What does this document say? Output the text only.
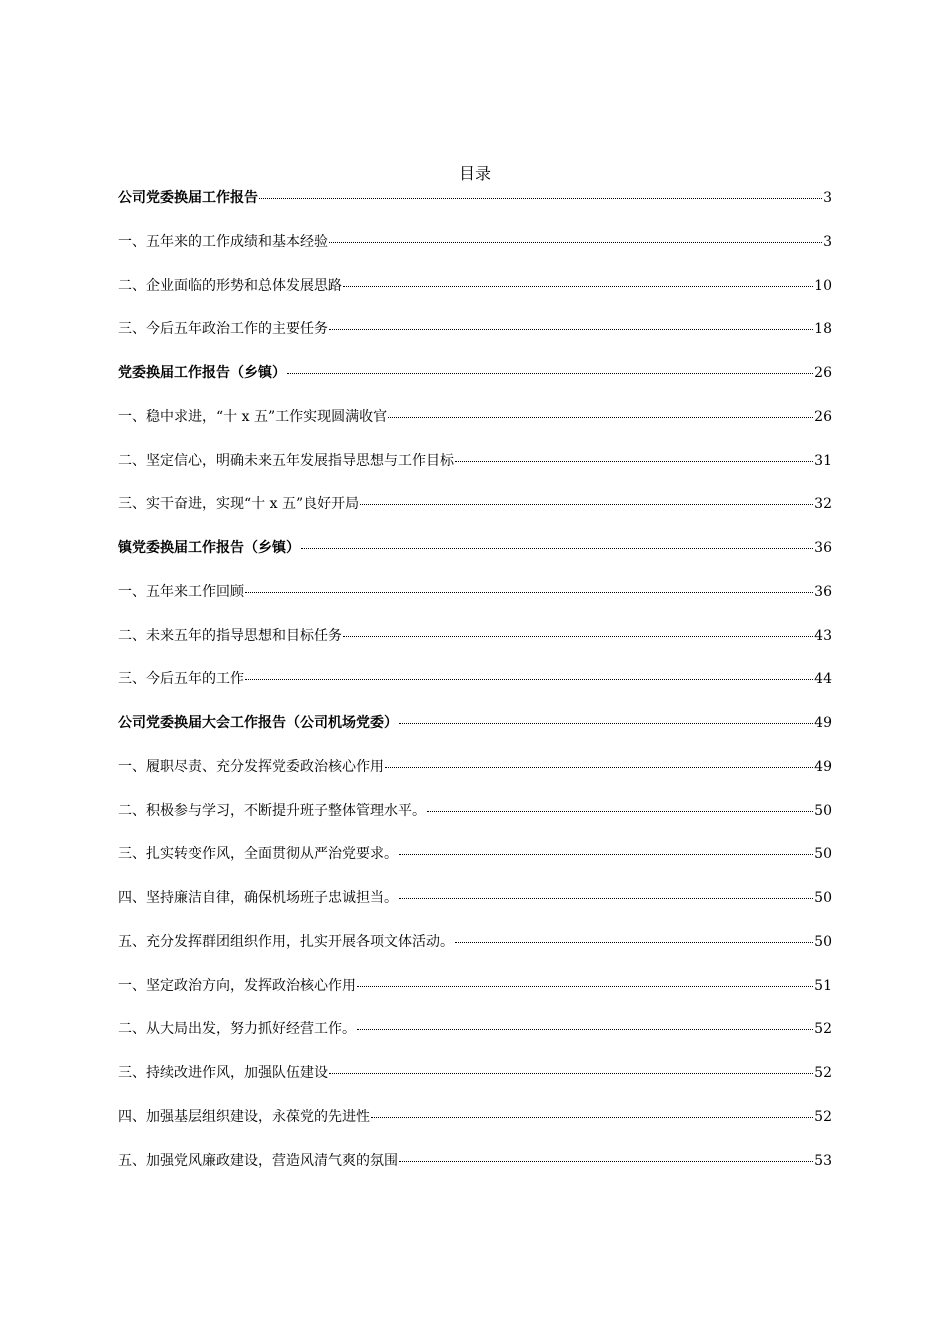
目录
公司党委换届工作报告	3
一、五年来的工作成绩和基本经验	3
二、企业面临的形势和总体发展思路	10
三、今后五年政治工作的主要任务	18
党委换届工作报告（乡镇）	26
一、稳中求进，“十 x 五”工作实现圆满收官	26
二、坚定信心，明确未来五年发展指导思想与工作目标	31
三、实干奋进，实现“十 x 五”良好开局	32
镇党委换届工作报告（乡镇）	36
一、五年来工作回顾	36
二、未来五年的指导思想和目标任务	43
三、今后五年的工作	44
公司党委换届大会工作报告（公司机场党委）	49
一、履职尽责、充分发挥党委政治核心作用	49
二、积极参与学习，不断提升班子整体管理水平。	50
三、扎实转变作风，全面贯彻从严治党要求。	50
四、坚持廉洁自律，确保机场班子忠诚担当。	50
五、充分发挥群团组织作用，扎实开展各项文体活动。	50
一、坚定政治方向，发挥政治核心作用	51
二、从大局出发，努力抓好经营工作。	52
三、持续改进作风，加强队伍建设	52
四、加强基层组织建设，永葆党的先进性	52
五、加强党风廉政建设，营造风清气爽的氛围	53
